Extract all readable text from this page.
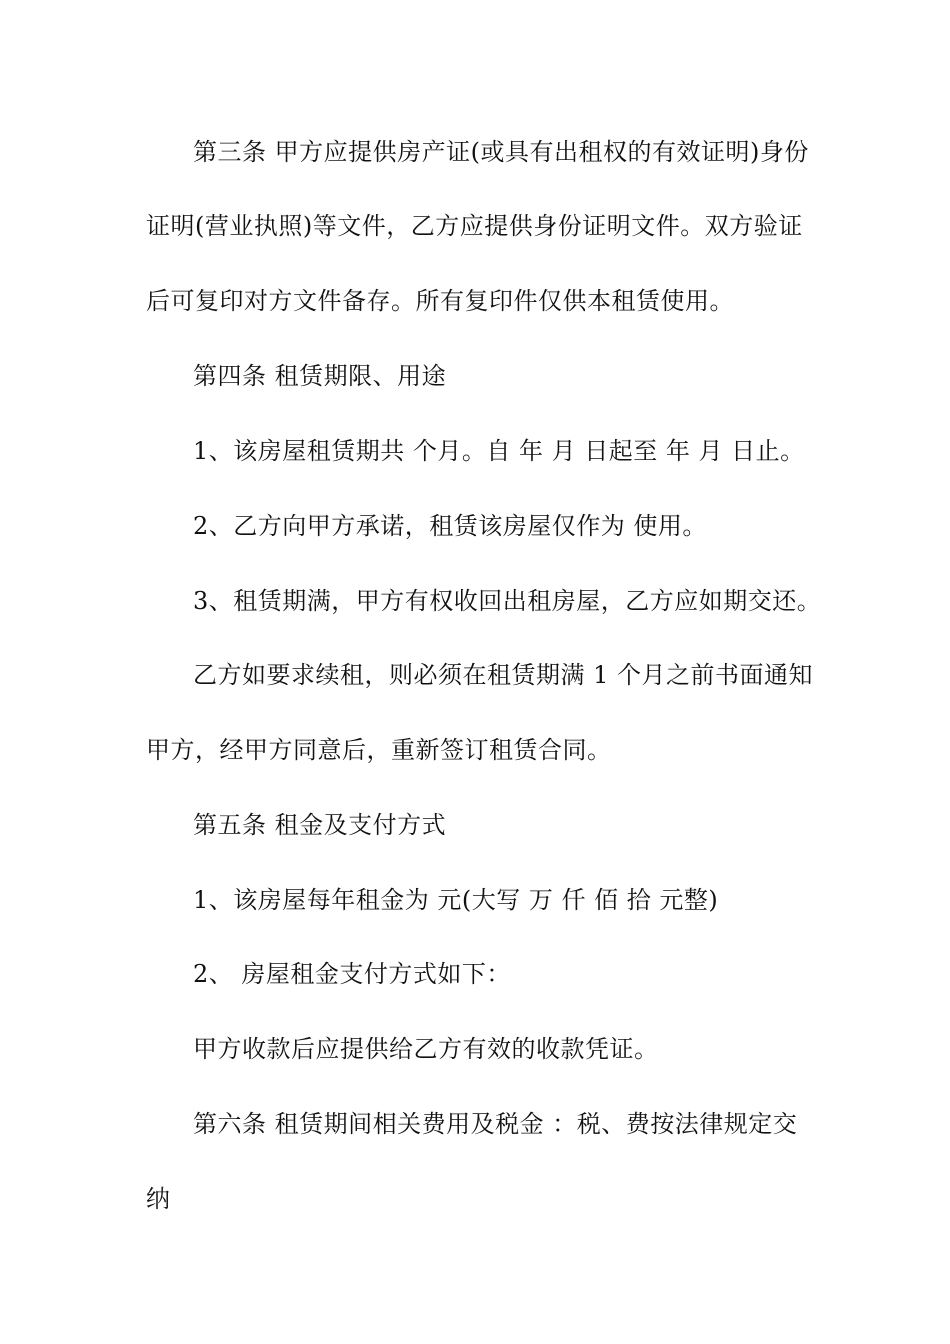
第三条 甲方应提供房产证(或具有出租权的有效证明)身份
证明(营业执照)等文件，乙方应提供身份证明文件。双方验证
后可复印对方文件备存。所有复印件仅供本租赁使用。
第四条 租赁期限、用途
1、该房屋租赁期共 个月。自 年 月 日起至 年 月 日止。
2、乙方向甲方承诺，租赁该房屋仅作为 使用。
3、租赁期满，甲方有权收回出租房屋，乙方应如期交还。
乙方如要求续租，则必须在租赁期满 1 个月之前书面通知
甲方，经甲方同意后，重新签订租赁合同。
第五条 租金及支付方式
1、该房屋每年租金为 元(大写 万 仟 佰 拾 元整)
2、 房屋租金支付方式如下：
甲方收款后应提供给乙方有效的收款凭证。
第六条 租赁期间相关费用及税金 ：税、费按法律规定交
纳
